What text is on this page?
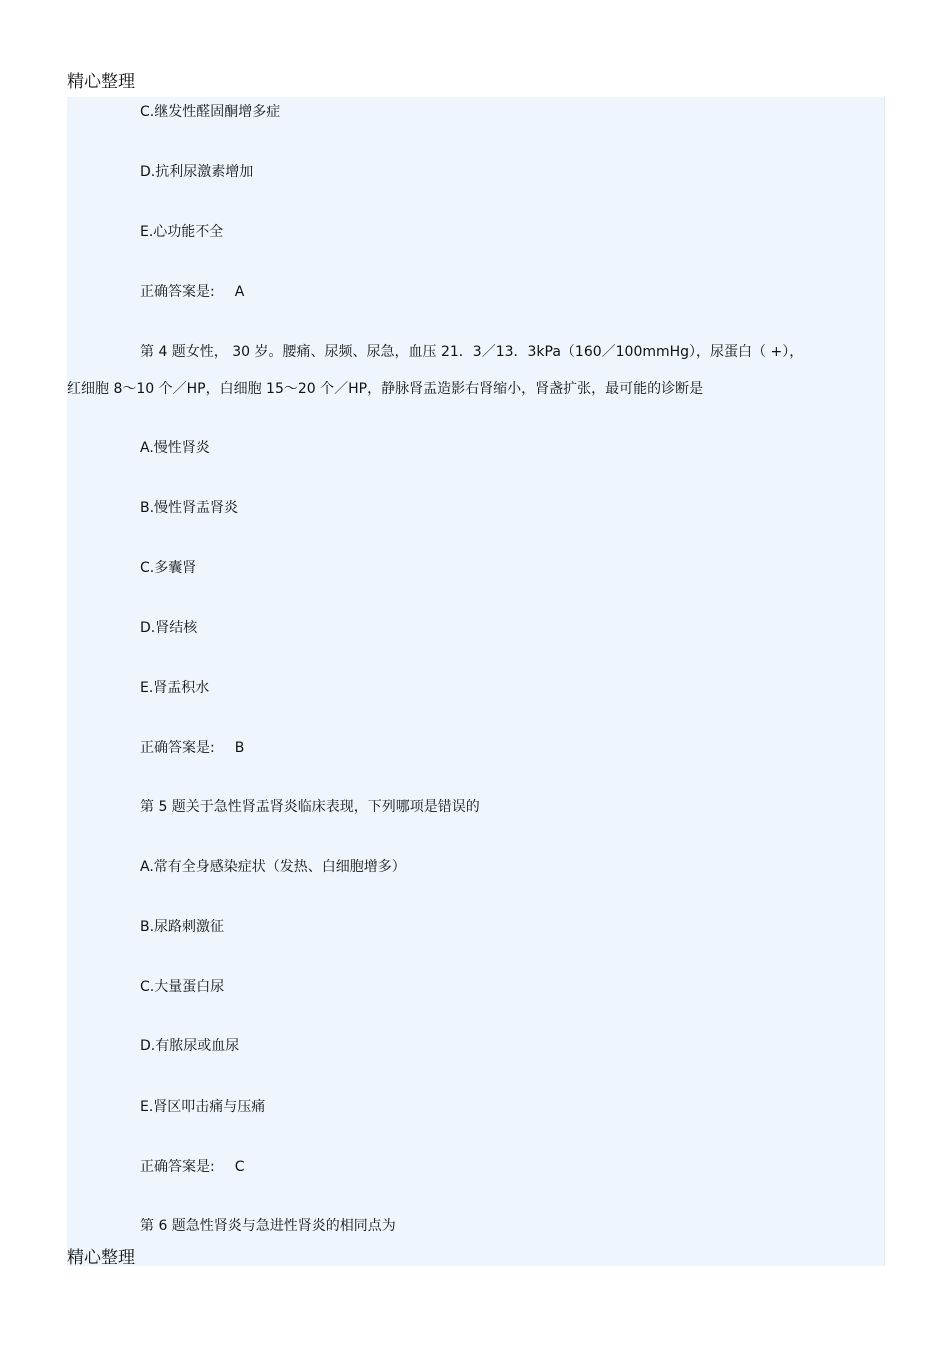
精心整理
C.继发性醛固酮增多症
D.抗利尿激素增加
E.心功能不全
正确答案是: A
第 4 题女性， 30 岁。腰痛、尿频、尿急，血压 21．3／13．3kPa（160／100mmHg），尿蛋白（ +），
红细胞 8～10 个／HP，白细胞 15～20 个／HP，静脉肾盂造影右肾缩小，肾盏扩张，最可能的诊断是
A.慢性肾炎
B.慢性肾盂肾炎
C.多囊肾
D.肾结核
E.肾盂积水
正确答案是: B
第 5 题关于急性肾盂肾炎临床表现，下列哪项是错误的
A.常有全身感染症状（发热、白细胞增多）
B.尿路刺激征
C.大量蛋白尿
D.有脓尿或血尿
E.肾区叩击痛与压痛
正确答案是: C
第 6 题急性肾炎与急进性肾炎的相同点为
精心整理
